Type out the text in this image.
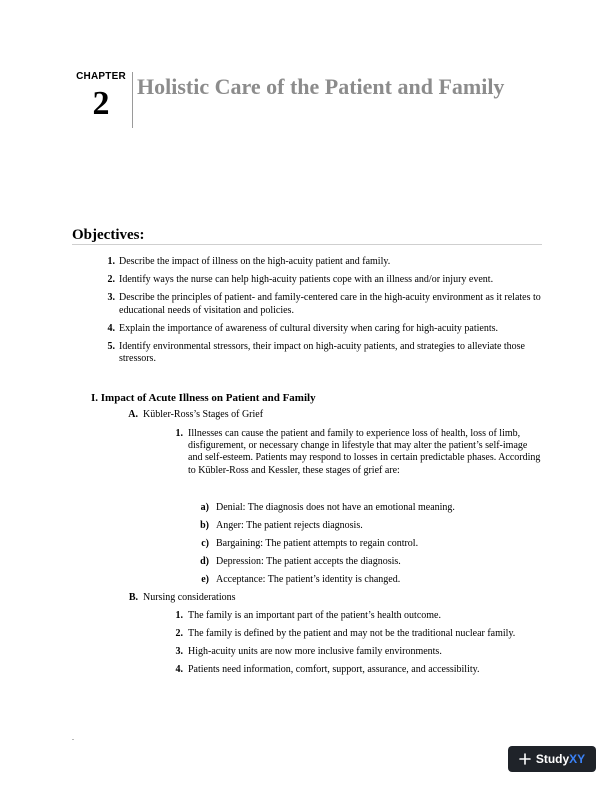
CHAPTER
2	Holistic Care of the Patient and Family
Objectives:
1. Describe the impact of illness on the high-acuity patient and family.
2. Identify ways the nurse can help high-acuity patients cope with an illness and/or injury event.
3. Describe the principles of patient- and family-centered care in the high-acuity environment as it relates to educational needs of visitation and policies.
4. Explain the importance of awareness of cultural diversity when caring for high-acuity patients.
5. Identify environmental stressors, their impact on high-acuity patients, and strategies to alleviate those stressors.
I. Impact of Acute Illness on Patient and Family
A. Kübler-Ross’s Stages of Grief
1. Illnesses can cause the patient and family to experience loss of health, loss of limb, disfigurement, or necessary change in lifestyle that may alter the patient’s self-image and self-esteem. Patients may respond to losses in certain predictable phases. According to Kübler-Ross and Kessler, these stages of grief are:
a) Denial: The diagnosis does not have an emotional meaning.
b) Anger: The patient rejects diagnosis.
c) Bargaining: The patient attempts to regain control.
d) Depression: The patient accepts the diagnosis.
e) Acceptance: The patient’s identity is changed.
B. Nursing considerations
1. The family is an important part of the patient’s health outcome.
2. The family is defined by the patient and may not be the traditional nuclear family.
3. High-acuity units are now more inclusive family environments.
4. Patients need information, comfort, support, assurance, and accessibility.
.
Study XY
